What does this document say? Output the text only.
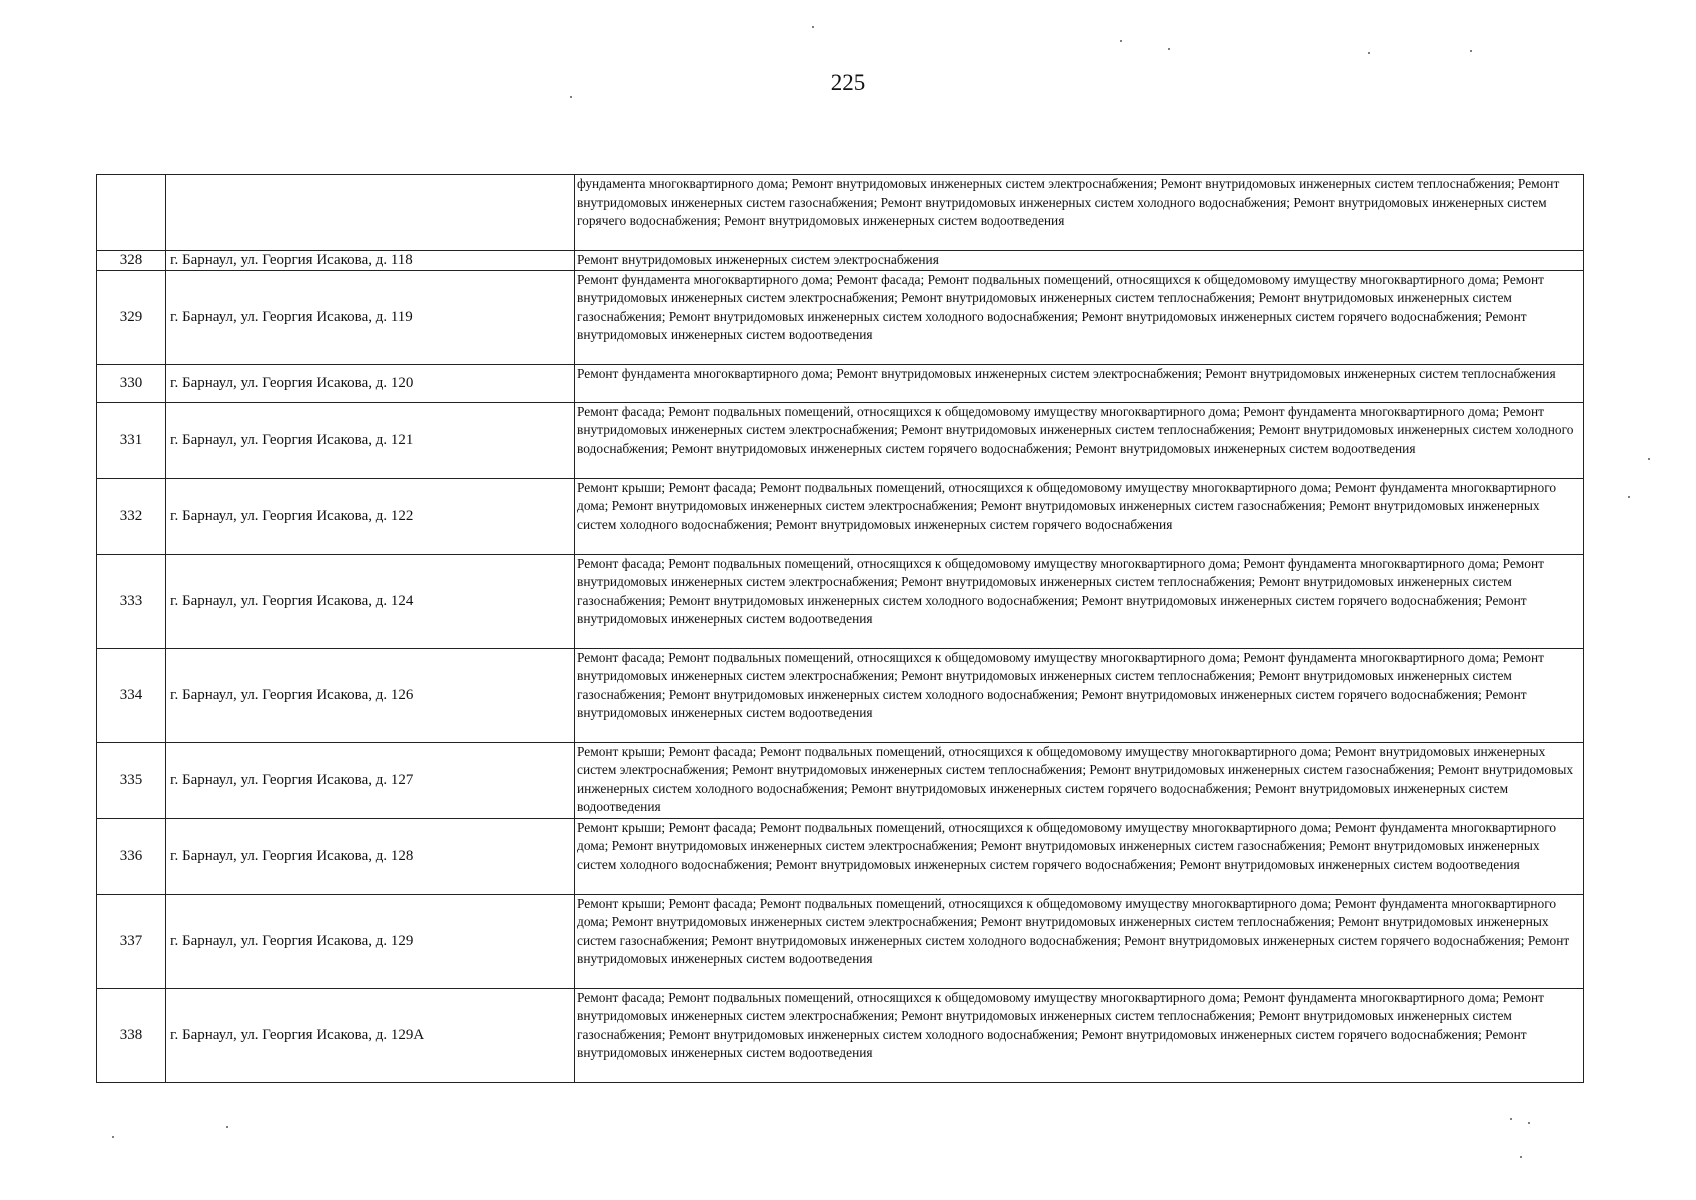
225
		фундамента многоквартирного дома; Ремонт внутридомовых инженерных систем электроснабжения; Ремонт внутридомовых инженерных систем теплоснабжения; Ремонт внутридомовых инженерных систем газоснабжения; Ремонт внутридомовых инженерных систем холодного водоснабжения; Ремонт внутридомовых инженерных систем горячего водоснабжения; Ремонт внутридомовых инженерных систем водоотведения
328	г. Барнаул, ул. Георгия Исакова, д. 118	Ремонт внутридомовых инженерных систем электроснабжения
329	г. Барнаул, ул. Георгия Исакова, д. 119	Ремонт фундамента многоквартирного дома; Ремонт фасада; Ремонт подвальных помещений, относящихся к общедомовому имуществу многоквартирного дома; Ремонт внутридомовых инженерных систем электроснабжения; Ремонт внутридомовых инженерных систем теплоснабжения; Ремонт внутридомовых инженерных систем газоснабжения; Ремонт внутридомовых инженерных систем холодного водоснабжения; Ремонт внутридомовых инженерных систем горячего водоснабжения; Ремонт внутридомовых инженерных систем водоотведения
330	г. Барнаул, ул. Георгия Исакова, д. 120	Ремонт фундамента многоквартирного дома; Ремонт внутридомовых инженерных систем электроснабжения; Ремонт внутридомовых инженерных систем теплоснабжения
331	г. Барнаул, ул. Георгия Исакова, д. 121	Ремонт фасада; Ремонт подвальных помещений, относящихся к общедомовому имуществу многоквартирного дома; Ремонт фундамента многоквартирного дома; Ремонт внутридомовых инженерных систем электроснабжения; Ремонт внутридомовых инженерных систем теплоснабжения; Ремонт внутридомовых инженерных систем холодного водоснабжения; Ремонт внутридомовых инженерных систем горячего водоснабжения; Ремонт внутридомовых инженерных систем водоотведения
332	г. Барнаул, ул. Георгия Исакова, д. 122	Ремонт крыши; Ремонт фасада; Ремонт подвальных помещений, относящихся к общедомовому имуществу многоквартирного дома; Ремонт фундамента многоквартирного дома; Ремонт внутридомовых инженерных систем электроснабжения; Ремонт внутридомовых инженерных систем газоснабжения; Ремонт внутридомовых инженерных систем холодного водоснабжения; Ремонт внутридомовых инженерных систем горячего водоснабжения
333	г. Барнаул, ул. Георгия Исакова, д. 124	Ремонт фасада; Ремонт подвальных помещений, относящихся к общедомовому имуществу многоквартирного дома; Ремонт фундамента многоквартирного дома; Ремонт внутридомовых инженерных систем электроснабжения; Ремонт внутридомовых инженерных систем теплоснабжения; Ремонт внутридомовых инженерных систем газоснабжения; Ремонт внутридомовых инженерных систем холодного водоснабжения; Ремонт внутридомовых инженерных систем горячего водоснабжения; Ремонт внутридомовых инженерных систем водоотведения
334	г. Барнаул, ул. Георгия Исакова, д. 126	Ремонт фасада; Ремонт подвальных помещений, относящихся к общедомовому имуществу многоквартирного дома; Ремонт фундамента многоквартирного дома; Ремонт внутридомовых инженерных систем электроснабжения; Ремонт внутридомовых инженерных систем теплоснабжения; Ремонт внутридомовых инженерных систем газоснабжения; Ремонт внутридомовых инженерных систем холодного водоснабжения; Ремонт внутридомовых инженерных систем горячего водоснабжения; Ремонт внутридомовых инженерных систем водоотведения
335	г. Барнаул, ул. Георгия Исакова, д. 127	Ремонт крыши; Ремонт фасада; Ремонт подвальных помещений, относящихся к общедомовому имуществу многоквартирного дома; Ремонт внутридомовых инженерных систем электроснабжения; Ремонт внутридомовых инженерных систем теплоснабжения; Ремонт внутридомовых инженерных систем газоснабжения; Ремонт внутридомовых инженерных систем холодного водоснабжения; Ремонт внутридомовых инженерных систем горячего водоснабжения; Ремонт внутридомовых инженерных систем водоотведения
336	г. Барнаул, ул. Георгия Исакова, д. 128	Ремонт крыши; Ремонт фасада; Ремонт подвальных помещений, относящихся к общедомовому имуществу многоквартирного дома; Ремонт фундамента многоквартирного дома; Ремонт внутридомовых инженерных систем электроснабжения; Ремонт внутридомовых инженерных систем газоснабжения; Ремонт внутридомовых инженерных систем холодного водоснабжения; Ремонт внутридомовых инженерных систем горячего водоснабжения; Ремонт внутридомовых инженерных систем водоотведения
337	г. Барнаул, ул. Георгия Исакова, д. 129	Ремонт крыши; Ремонт фасада; Ремонт подвальных помещений, относящихся к общедомовому имуществу многоквартирного дома; Ремонт фундамента многоквартирного дома; Ремонт внутридомовых инженерных систем электроснабжения; Ремонт внутридомовых инженерных систем теплоснабжения; Ремонт внутридомовых инженерных систем газоснабжения; Ремонт внутридомовых инженерных систем холодного водоснабжения; Ремонт внутридомовых инженерных систем горячего водоснабжения; Ремонт внутридомовых инженерных систем водоотведения
338	г. Барнаул, ул. Георгия Исакова, д. 129А	Ремонт фасада; Ремонт подвальных помещений, относящихся к общедомовому имуществу многоквартирного дома; Ремонт фундамента многоквартирного дома; Ремонт внутридомовых инженерных систем электроснабжения; Ремонт внутридомовых инженерных систем теплоснабжения; Ремонт внутридомовых инженерных систем газоснабжения; Ремонт внутридомовых инженерных систем холодного водоснабжения; Ремонт внутридомовых инженерных систем горячего водоснабжения; Ремонт внутридомовых инженерных систем водоотведения
